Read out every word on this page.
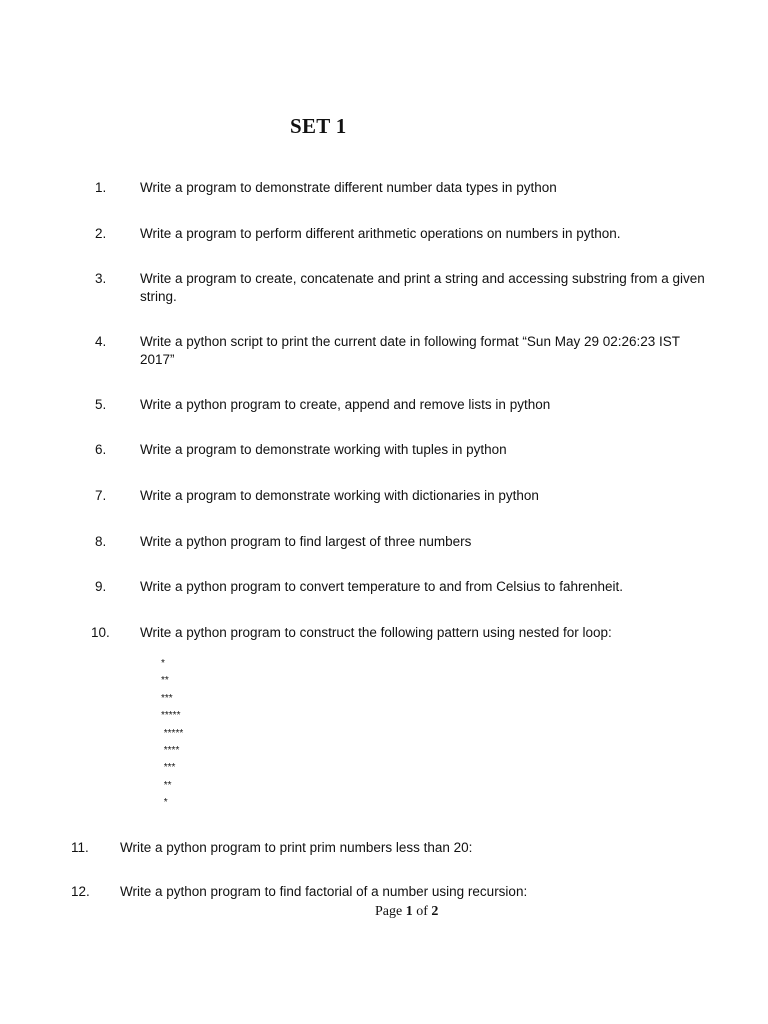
SET 1
1. Write a program to demonstrate different number data types in python
2. Write a program to perform different arithmetic operations on numbers in python.
3. Write a program to create, concatenate and print a string and accessing substring from a given string.
4. Write a python script to print the current date in following format “Sun May 29 02:26:23 IST 2017”
5. Write a python program to create, append and remove lists in python
6. Write a program to demonstrate working with tuples in python
7. Write a program to demonstrate working with dictionaries in python
8. Write a python program to find largest of three numbers
9. Write a python program to convert temperature to and from Celsius to fahrenheit.
10. Write a python program to construct the following pattern using nested for loop:
*
**
***
*****
*****
****
***
**
*
11. Write a python program to print prim numbers less than 20:
12. Write a python program to find factorial of a number using recursion:
Page 1 of 2
